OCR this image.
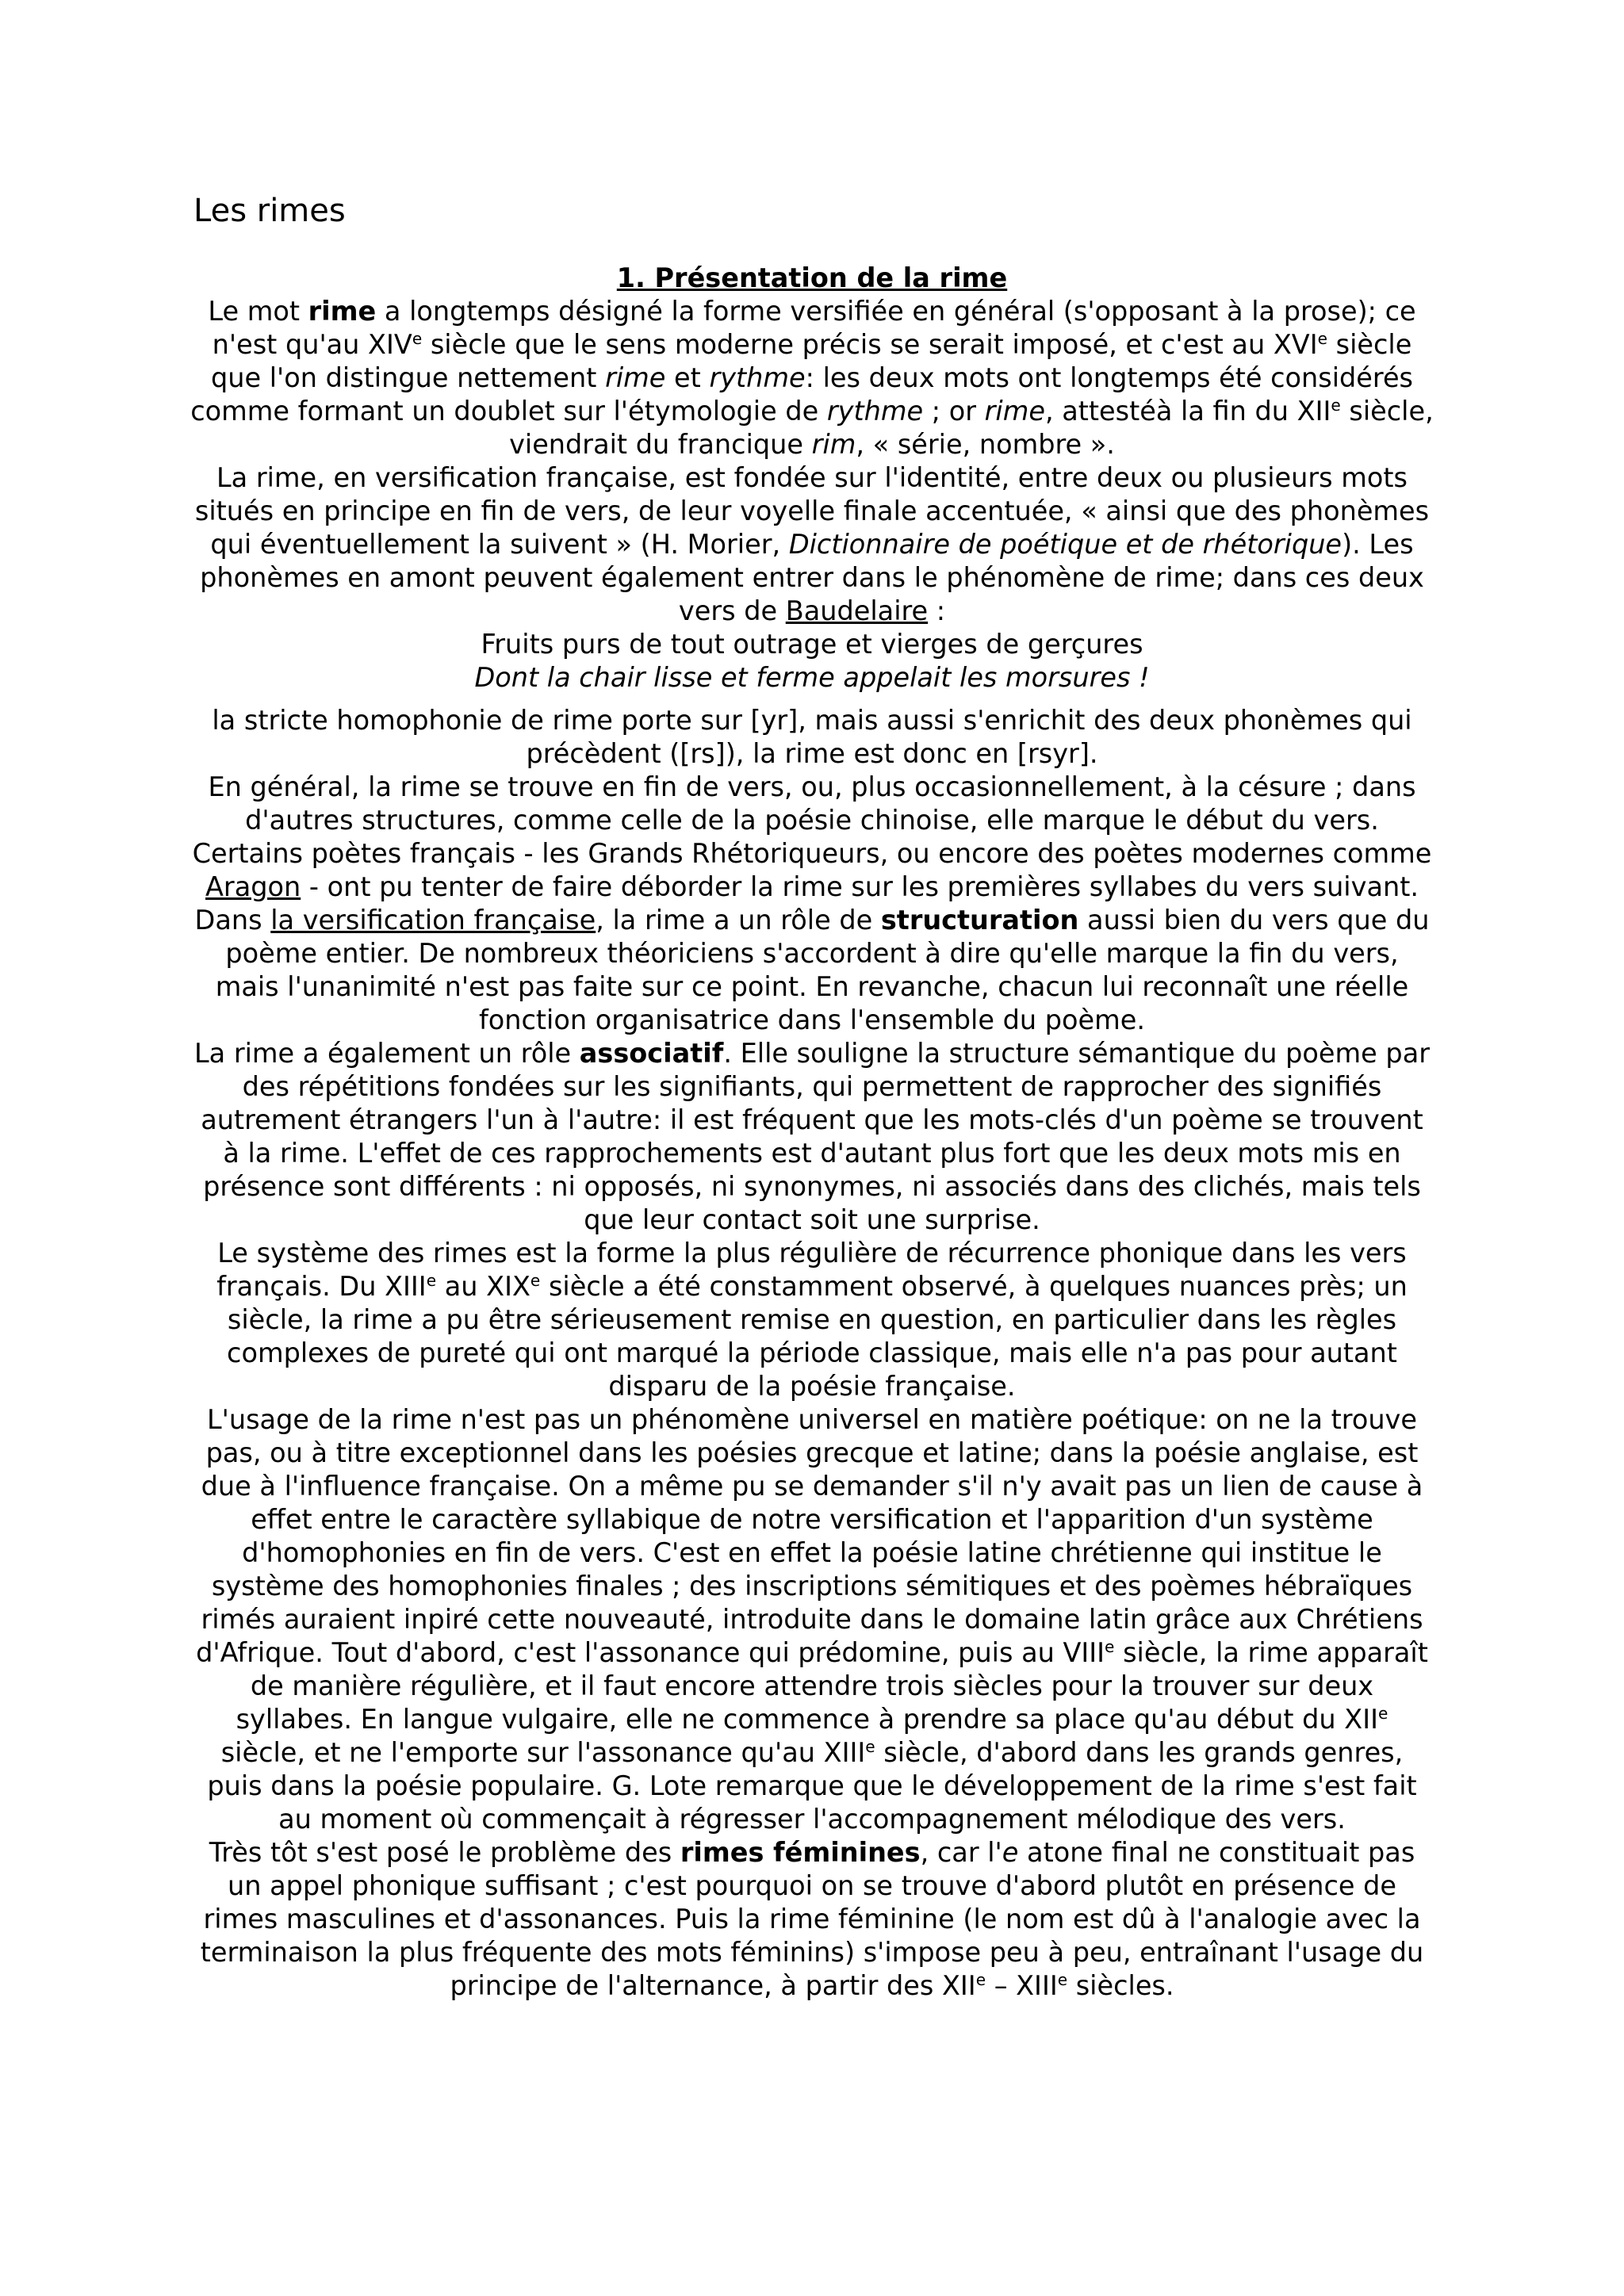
Les rimes

1. Présentation de la rime

Le mot rime a longtemps désigné la forme versifiée en général (s'opposant à la prose); ce n'est qu'au XIVe siècle que le sens moderne précis se serait imposé, et c'est au XVIe siècle que l'on distingue nettement rime et rythme: les deux mots ont longtemps été considérés comme formant un doublet sur l'étymologie de rythme ; or rime, attestéà la fin du XIIe siècle, viendrait du francique rim, « série, nombre ».

La rime, en versification française, est fondée sur l'identité, entre deux ou plusieurs mots situés en principe en fin de vers, de leur voyelle finale accentuée, « ainsi que des phonèmes qui éventuellement la suivent » (H. Morier, Dictionnaire de poétique et de rhétorique). Les phonèmes en amont peuvent également entrer dans le phénomène de rime; dans ces deux vers de Baudelaire :

Fruits purs de tout outrage et vierges de gerçures

Dont la chair lisse et ferme appelait les morsures !

la stricte homophonie de rime porte sur [yr], mais aussi s'enrichit des deux phonèmes qui précèdent ([rs]), la rime est donc en [rsyr].

En général, la rime se trouve en fin de vers, ou, plus occasionnellement, à la césure ; dans d'autres structures, comme celle de la poésie chinoise, elle marque le début du vers. Certains poètes français - les Grands Rhétoriqueurs, ou encore des poètes modernes comme Aragon - ont pu tenter de faire déborder la rime sur les premières syllabes du vers suivant.

Dans la versification française, la rime a un rôle de structuration aussi bien du vers que du poème entier. De nombreux théoriciens s'accordent à dire qu'elle marque la fin du vers, mais l'unanimité n'est pas faite sur ce point. En revanche, chacun lui reconnaît une réelle fonction organisatrice dans l'ensemble du poème.

La rime a également un rôle associatif. Elle souligne la structure sémantique du poème par des répétitions fondées sur les signifiants, qui permettent de rapprocher des signifiés autrement étrangers l'un à l'autre: il est fréquent que les mots-clés d'un poème se trouvent à la rime. L'effet de ces rapprochements est d'autant plus fort que les deux mots mis en présence sont différents : ni opposés, ni synonymes, ni associés dans des clichés, mais tels que leur contact soit une surprise.

Le système des rimes est la forme la plus régulière de récurrence phonique dans les vers français. Du XIIIe au XIXe siècle a été constamment observé, à quelques nuances près; un siècle, la rime a pu être sérieusement remise en question, en particulier dans les règles complexes de pureté qui ont marqué la période classique, mais elle n'a pas pour autant disparu de la poésie française.

L'usage de la rime n'est pas un phénomène universel en matière poétique: on ne la trouve pas, ou à titre exceptionnel dans les poésies grecque et latine; dans la poésie anglaise, est due à l'influence française. On a même pu se demander s'il n'y avait pas un lien de cause à effet entre le caractère syllabique de notre versification et l'apparition d'un système d'homophonies en fin de vers. C'est en effet la poésie latine chrétienne qui institue le système des homophonies finales ; des inscriptions sémitiques et des poèmes hébraïques rimés auraient inpiré cette nouveauté, introduite dans le domaine latin grâce aux Chrétiens d'Afrique. Tout d'abord, c'est l'assonance qui prédomine, puis au VIIIe siècle, la rime apparaît de manière régulière, et il faut encore attendre trois siècles pour la trouver sur deux syllabes. En langue vulgaire, elle ne commence à prendre sa place qu'au début du XIIe siècle, et ne l'emporte sur l'assonance qu'au XIIIe siècle, d'abord dans les grands genres, puis dans la poésie populaire. G. Lote remarque que le développement de la rime s'est fait au moment où commençait à régresser l'accompagnement mélodique des vers.

Très tôt s'est posé le problème des rimes féminines, car l'e atone final ne constituait pas un appel phonique suffisant ; c'est pourquoi on se trouve d'abord plutôt en présence de rimes masculines et d'assonances. Puis la rime féminine (le nom est dû à l'analogie avec la terminaison la plus fréquente des mots féminins) s'impose peu à peu, entraînant l'usage du principe de l'alternance, à partir des XIIe – XIIIe siècles.
